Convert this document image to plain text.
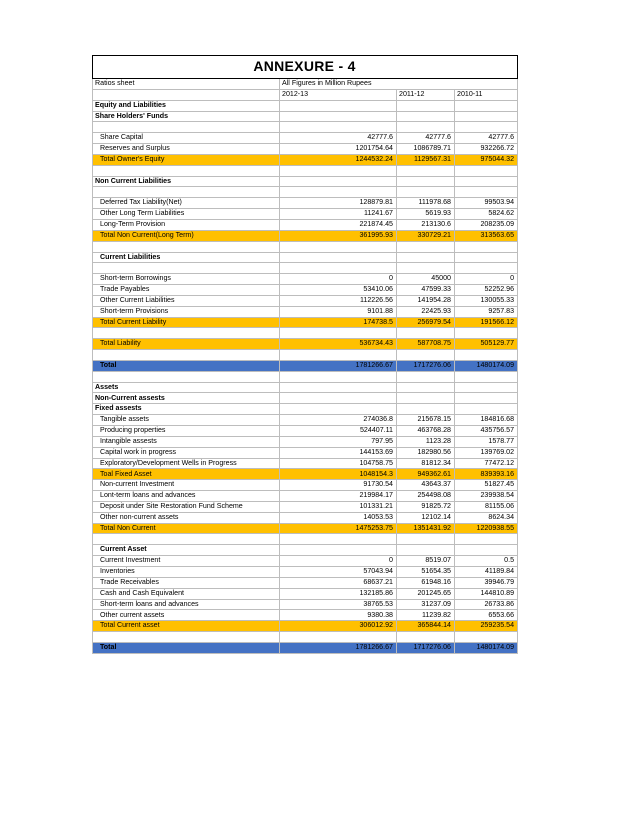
ANNEXURE - 4			
Ratios sheet	All Figures in Million Rupees		
	2012-13	2011-12	2010-11
Equity and Liabilities			
Share Holders' Funds			

Share Capital	42777.6	42777.6	42777.6
Reserves and Surplus	1201754.64	1086789.71	932266.72
Total Owner's Equity	1244532.24	1129567.31	975044.32

Non Current Liabilities			

Deferred Tax Liability(Net)	128879.81	111978.68	99503.94
Other Long Term Liabilities	11241.67	5619.93	5824.62
Long-Term Provision	221874.45	213130.6	208235.09
Total Non Current(Long Term)	361995.93	330729.21	313563.65

Current Liabilities			

Short-term Borrowings	0	45000	0
Trade Payables	53410.06	47599.33	52252.96
Other Current Liabilities	112226.56	141954.28	130055.33
Short-term Provisions	9101.88	22425.93	9257.83
Total Current Liability	174738.5	256979.54	191566.12

Total Liability	536734.43	587708.75	505129.77

Total	1781266.67	1717276.06	1480174.09

Assets			
Non-Current assests			
Fixed assests			
Tangible assets	274036.8	215678.15	184816.68
Producing properties	524407.11	463768.28	435756.57
Intangible assests	797.95	1123.28	1578.77
Capital work in progress	144153.69	182980.56	139769.02
Exploratory/Development Wells in Progress	104758.75	81812.34	77472.12
Toal Fixed Asset	1048154.3	949362.61	839393.16
Non-current Investment	91730.54	43643.37	51827.45
Lont-term loans and advances	219984.17	254498.08	239938.54
Deposit under Site Restoration Fund Scheme	101331.21	91825.72	81155.06
Other non-current assets	14053.53	12102.14	8624.34
Total Non Current	1475253.75	1351431.92	1220938.55

Current Asset			
Current Investment	0	8519.07	0.5
Inventories	57043.94	51654.35	41189.84
Trade Receivables	68637.21	61948.16	39946.79
Cash and Cash Equivalent	132185.86	201245.65	144810.89
Short-term loans and advances	38765.53	31237.09	26733.86
Other current assets	9380.38	11239.82	6553.66
Total Current asset	306012.92	365844.14	259235.54

Total	1781266.67	1717276.06	1480174.09
